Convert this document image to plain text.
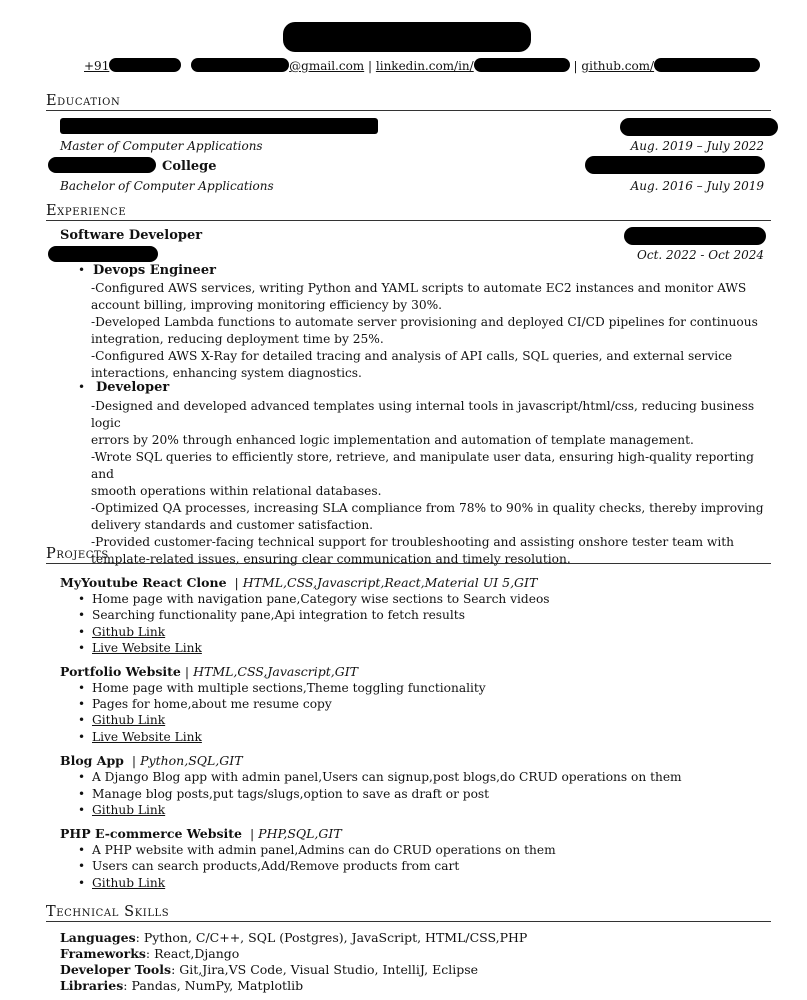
+91	@gmail.com | linkedin.com/in/	| github.com/
Education
Master of Computer Applications	Aug. 2019 – July 2022
College
Bachelor of Computer Applications	Aug. 2016 – July 2019
Experience
Software Developer
Oct. 2022 - Oct 2024
• Devops Engineer
-Configured AWS services, writing Python and YAML scripts to automate EC2 instances and monitor AWS
account billing, improving monitoring efficiency by 30%.
-Developed Lambda functions to automate server provisioning and deployed CI/CD pipelines for continuous
integration, reducing deployment time by 25%.
-Configured AWS X-Ray for detailed tracing and analysis of API calls, SQL queries, and external service
interactions, enhancing system diagnostics.
• Developer
-Designed and developed advanced templates using internal tools in javascript/html/css, reducing business logic
errors by 20% through enhanced logic implementation and automation of template management.
-Wrote SQL queries to efficiently store, retrieve, and manipulate user data, ensuring high-quality reporting and
smooth operations within relational databases.
-Optimized QA processes, increasing SLA compliance from 78% to 90% in quality checks, thereby improving
delivery standards and customer satisfaction.
-Provided customer-facing technical support for troubleshooting and assisting onshore tester team with
template-related issues, ensuring clear communication and timely resolution.
Projects
MyYoutube React Clone | HTML,CSS,Javascript,React,Material UI 5,GIT
• Home page with navigation pane,Category wise sections to Search videos
• Searching functionality pane,Api integration to fetch results
• Github Link
• Live Website Link
Portfolio Website | HTML,CSS,Javascript,GIT
• Home page with multiple sections,Theme toggling functionality
• Pages for home,about me resume copy
• Github Link
• Live Website Link
Blog App | Python,SQL,GIT
• A Django Blog app with admin panel,Users can signup,post blogs,do CRUD operations on them
• Manage blog posts,put tags/slugs,option to save as draft or post
• Github Link
PHP E-commerce Website | PHP,SQL,GIT
• A PHP website with admin panel,Admins can do CRUD operations on them
• Users can search products,Add/Remove products from cart
• Github Link
Technical Skills
Languages: Python, C/C++, SQL (Postgres), JavaScript, HTML/CSS,PHP
Frameworks: React,Django
Developer Tools: Git,Jira,VS Code, Visual Studio, IntelliJ, Eclipse
Libraries: Pandas, NumPy, Matplotlib
